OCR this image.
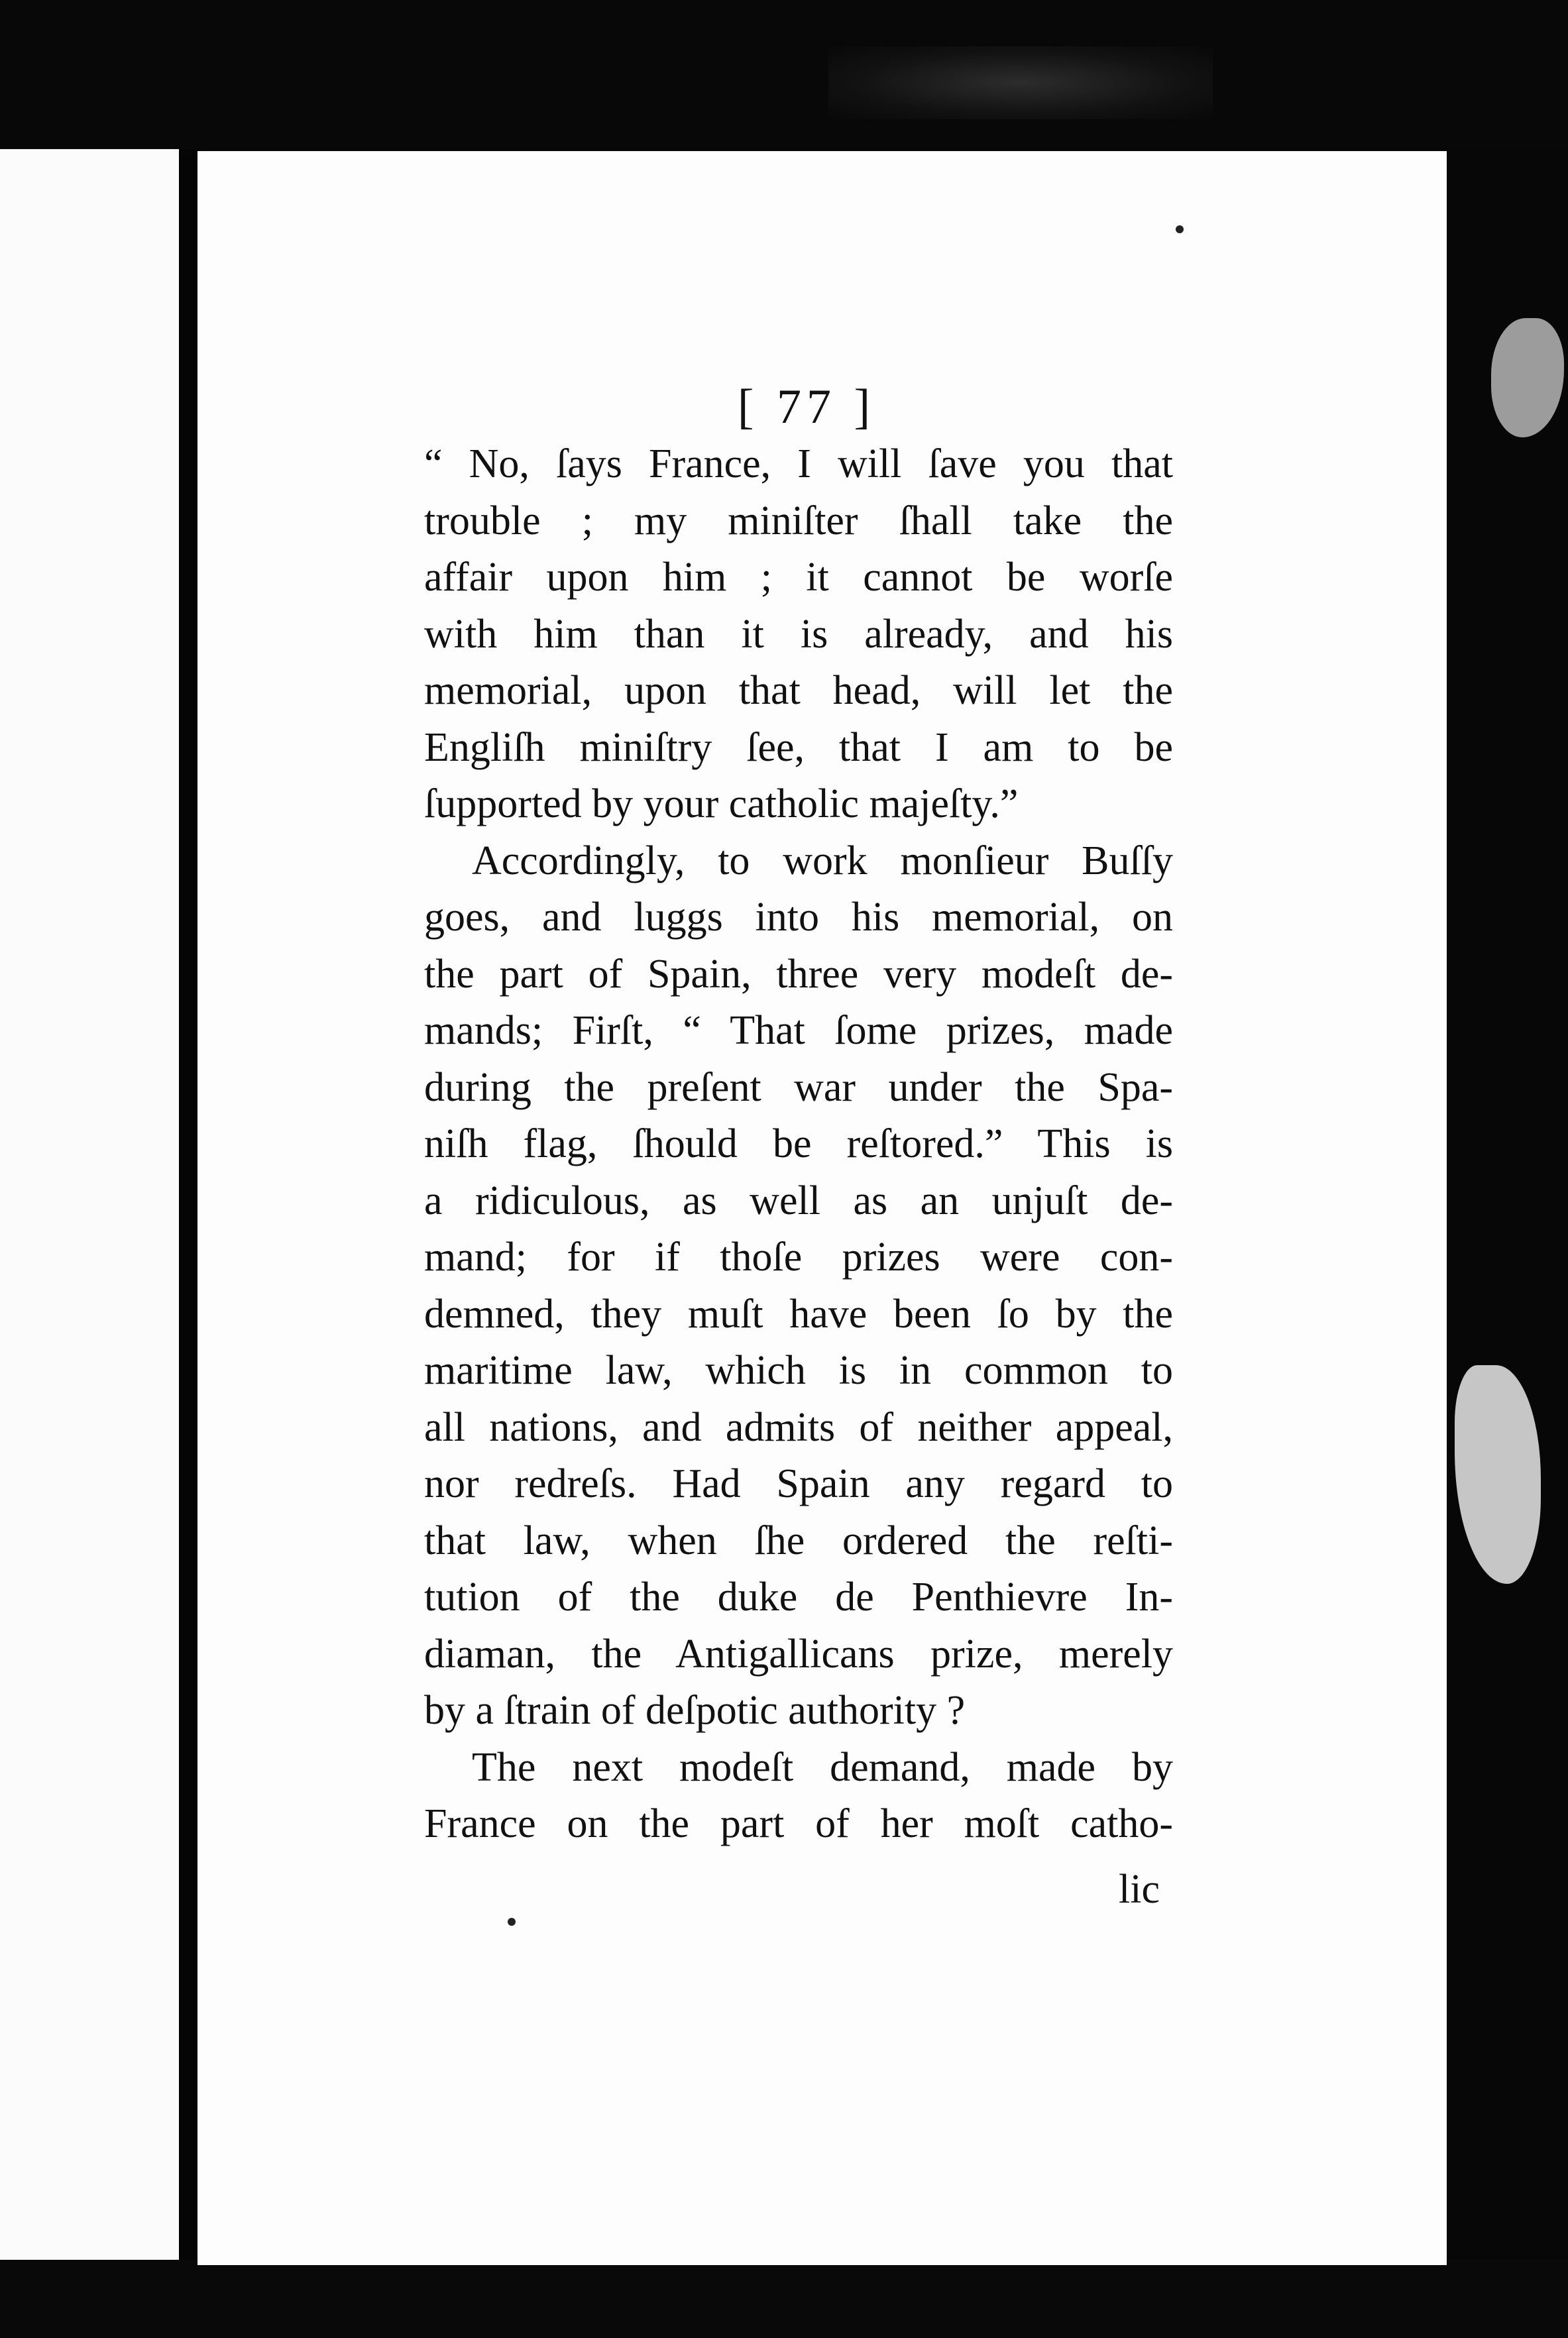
[ 77 ]
“ No, ſays France, I will ſave you that
trouble ; my miniſter ſhall take the
affair upon him ; it cannot be worſe
with him than it is already, and his
memorial, upon that head, will let the
Engliſh miniſtry ſee, that I am to be
ſupported by your catholic majeſty.”
Accordingly, to work monſieur Buſſy
goes, and luggs into his memorial, on
the part of Spain, three very modeſt de-
mands; Firſt, “ That ſome prizes, made
during the preſent war under the Spa-
niſh flag, ſhould be reſtored.” This is
a ridiculous, as well as an unjuſt de-
mand; for if thoſe prizes were con-
demned, they muſt have been ſo by the
maritime law, which is in common to
all nations, and admits of neither appeal,
nor redreſs. Had Spain any regard to
that law, when ſhe ordered the reſti-
tution of the duke de Penthievre In-
diaman, the Antigallicans prize, merely
by a ſtrain of deſpotic authority ?
The next modeſt demand, made by
France on the part of her moſt catho-
lic
